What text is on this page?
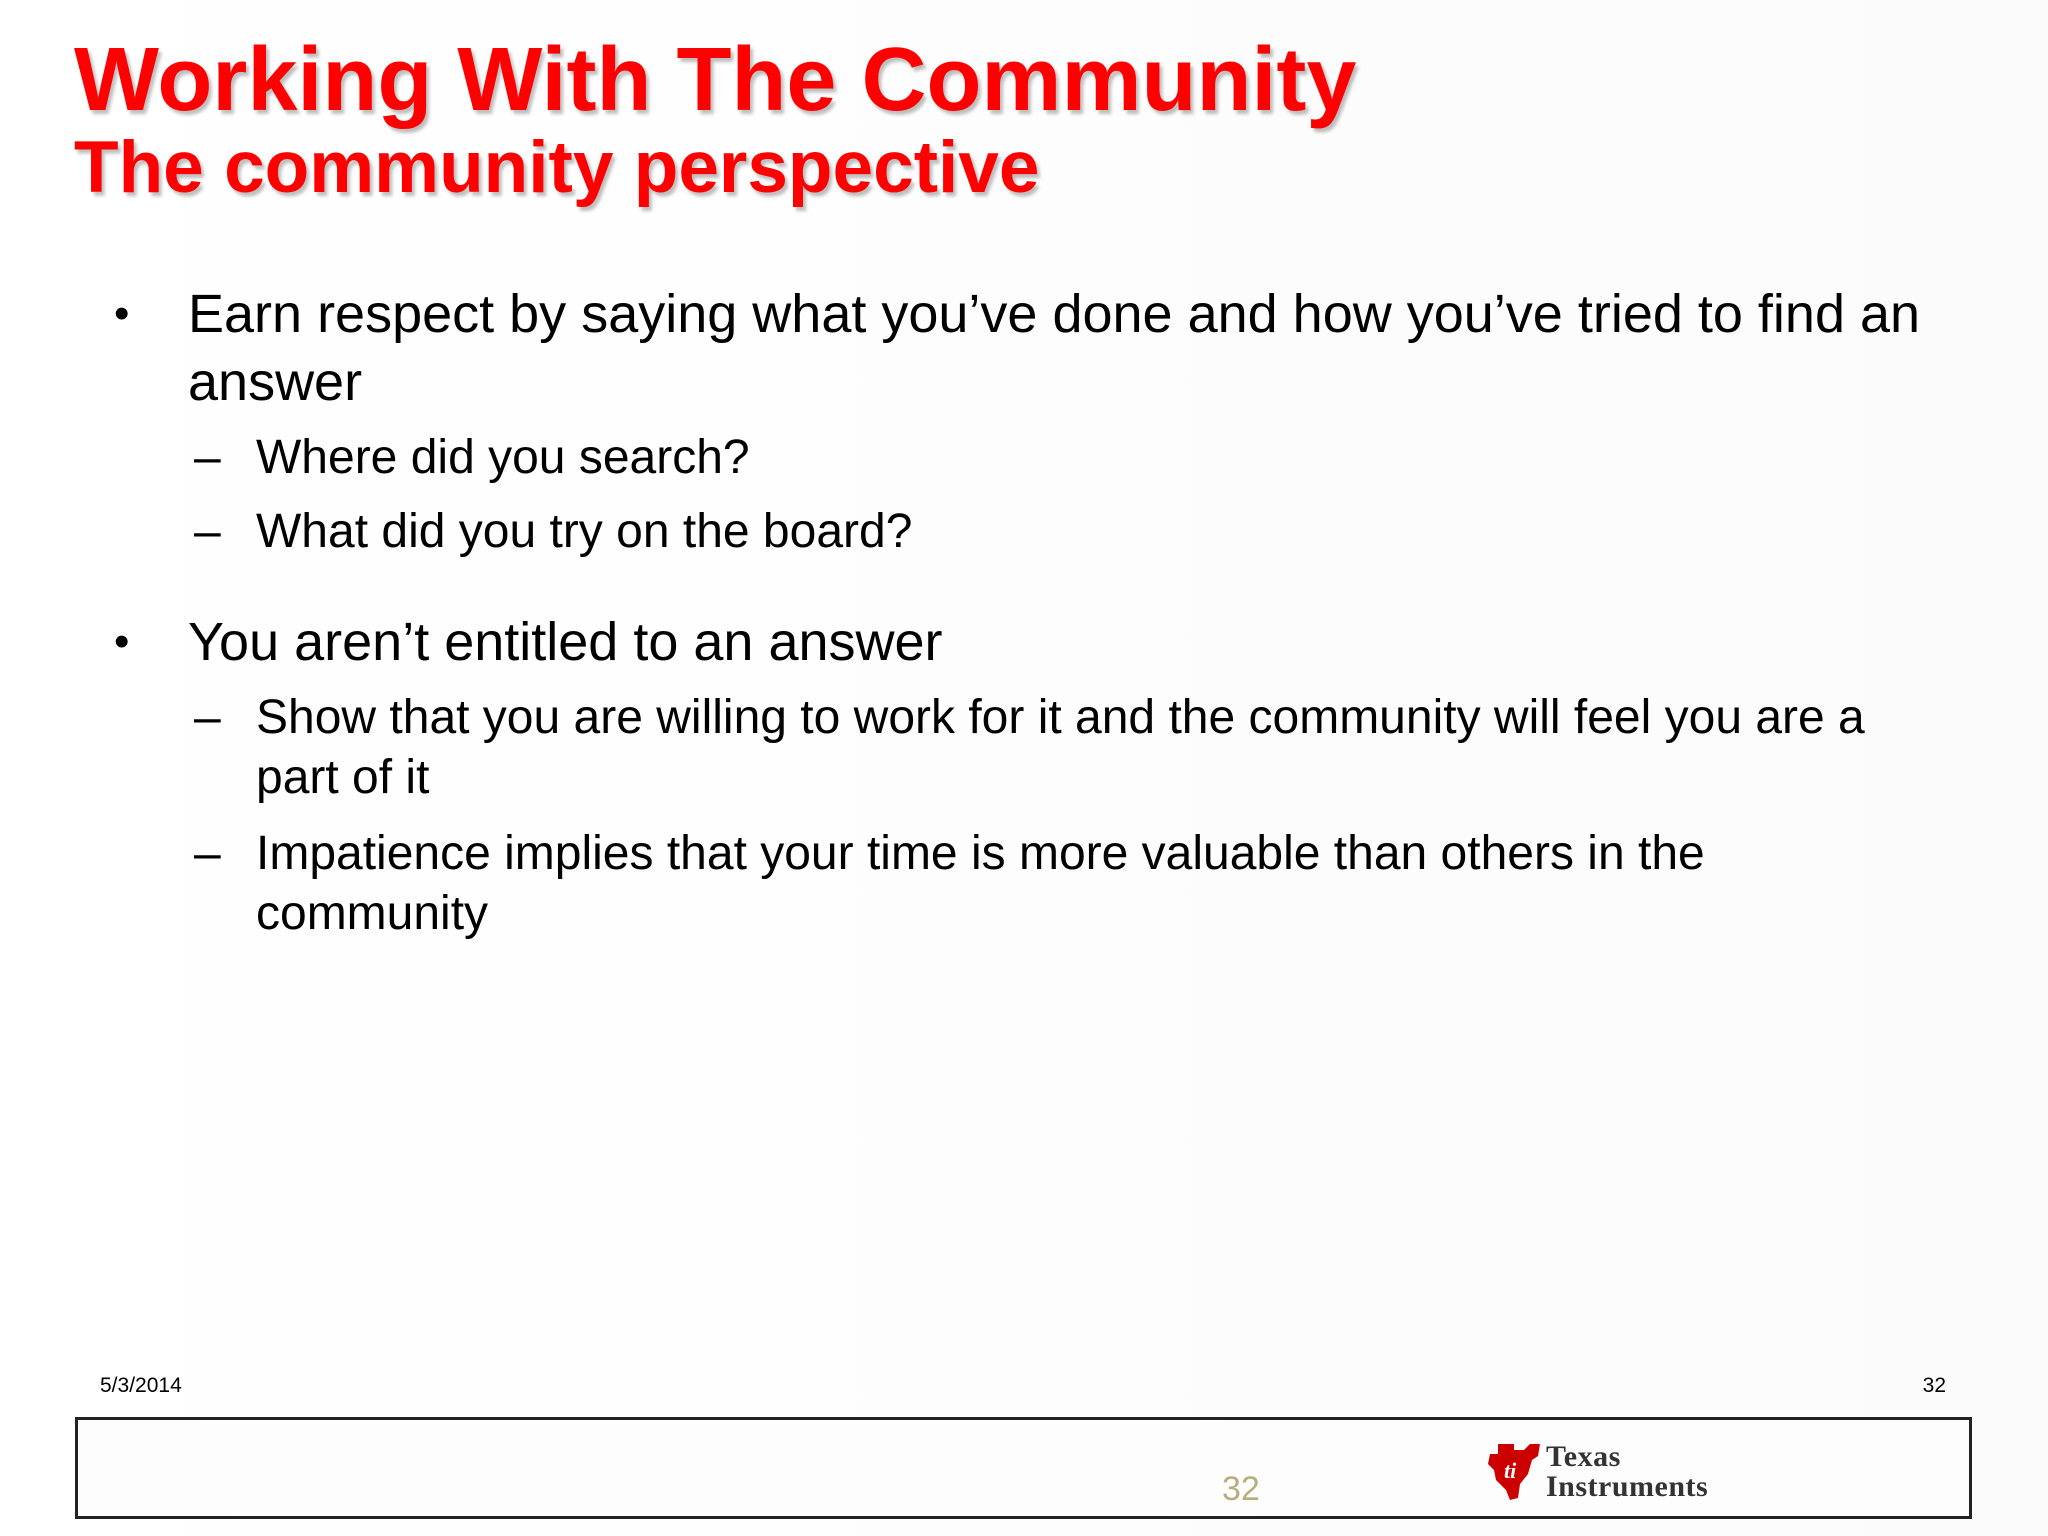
Working With The Community
The community perspective
• Earn respect by saying what you’ve done and how you’ve tried to find an answer
– Where did you search?
– What did you try on the board?
• You aren’t entitled to an answer
– Show that you are willing to work for it and the community will feel you are a part of it
– Impatience implies that your time is more valuable than others in the community
5/3/2014	32
32	ti Texas
Instruments
